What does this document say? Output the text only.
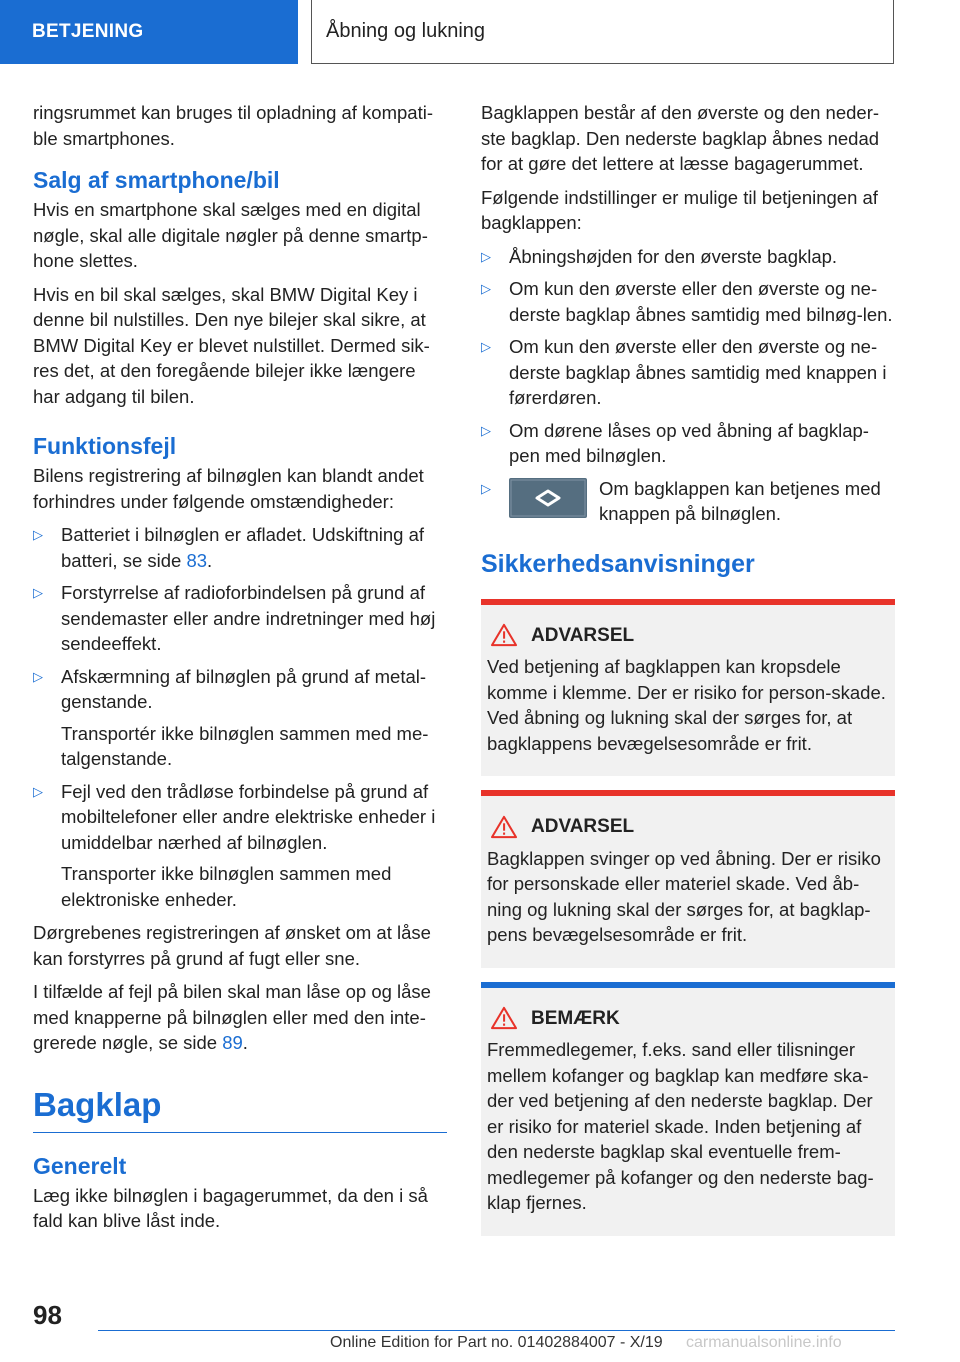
BETJENING	Åbning og lukning

ringsrummet kan bruges til opladning af kompati-ble smartphones.

Salg af smartphone/bil

Hvis en smartphone skal sælges med en digital nøgle, skal alle digitale nøgler på denne smartp-hone slettes.

Hvis en bil skal sælges, skal BMW Digital Key i denne bil nulstilles. Den nye bilejer skal sikre, at BMW Digital Key er blevet nulstillet. Dermed sik-res det, at den foregående bilejer ikke længere har adgang til bilen.

Funktionsfejl

Bilens registrering af bilnøglen kan blandt andet forhindres under følgende omstændigheder:

▷ Batteriet i bilnøglen er afladet. Udskiftning af batteri, se side 83.
▷ Forstyrrelse af radioforbindelsen på grund af sendemaster eller andre indretninger med høj sendeeffekt.
▷ Afskærmning af bilnøglen på grund af metal-genstande.
Transportér ikke bilnøglen sammen med me-talgenstande.
▷ Fejl ved den trådløse forbindelse på grund af mobiltelefoner eller andre elektriske enheder i umiddelbar nærhed af bilnøglen.
Transporter ikke bilnøglen sammen med elektroniske enheder.

Dørgrebenes registreringen af ønsket om at låse kan forstyrres på grund af fugt eller sne.

I tilfælde af fejl på bilen skal man låse op og låse med knapperne på bilnøglen eller med den inte-grerede nøgle, se side 89.

Bagklap
Generelt

Læg ikke bilnøglen i bagagerummet, da den i så fald kan blive låst inde.

Bagklappen består af den øverste og den neder-ste bagklap. Den nederste bagklap åbnes nedad for at gøre det lettere at læsse bagagerummet.

Følgende indstillinger er mulige til betjeningen af bagklappen:

▷ Åbningshøjden for den øverste bagklap.
▷ Om kun den øverste eller den øverste og ne-derste bagklap åbnes samtidig med bilnøg-len.
▷ Om kun den øverste eller den øverste og ne-derste bagklap åbnes samtidig med knappen i førerdøren.
▷ Om dørene låses op ved åbning af bagklap-pen med bilnøglen.
▷	Om bagklappen kan betjenes med knappen på bilnøglen.
Sikkerhedsanvisninger
ADVARSEL
Ved betjening af bagklappen kan kropsdele komme i klemme. Der er risiko for person-skade. Ved åbning og lukning skal der sørges for, at bagklappens bevægelsesområde er frit.
ADVARSEL
Bagklappen svinger op ved åbning. Der er risiko for personskade eller materiel skade. Ved åb-ning og lukning skal der sørges for, at bagklap-pens bevægelsesområde er frit.
BEMÆRK
Fremmedlegemer, f.eks. sand eller tilisninger mellem kofanger og bagklap kan medføre ska-der ved betjening af den nederste bagklap. Der er risiko for materiel skade. Inden betjening af den nederste bagklap skal eventuelle frem-medlegemer på kofanger og den nederste bag-klap fjernes.
98
Online Edition for Part no. 01402884007 - X/19 carmanualsonline.info
